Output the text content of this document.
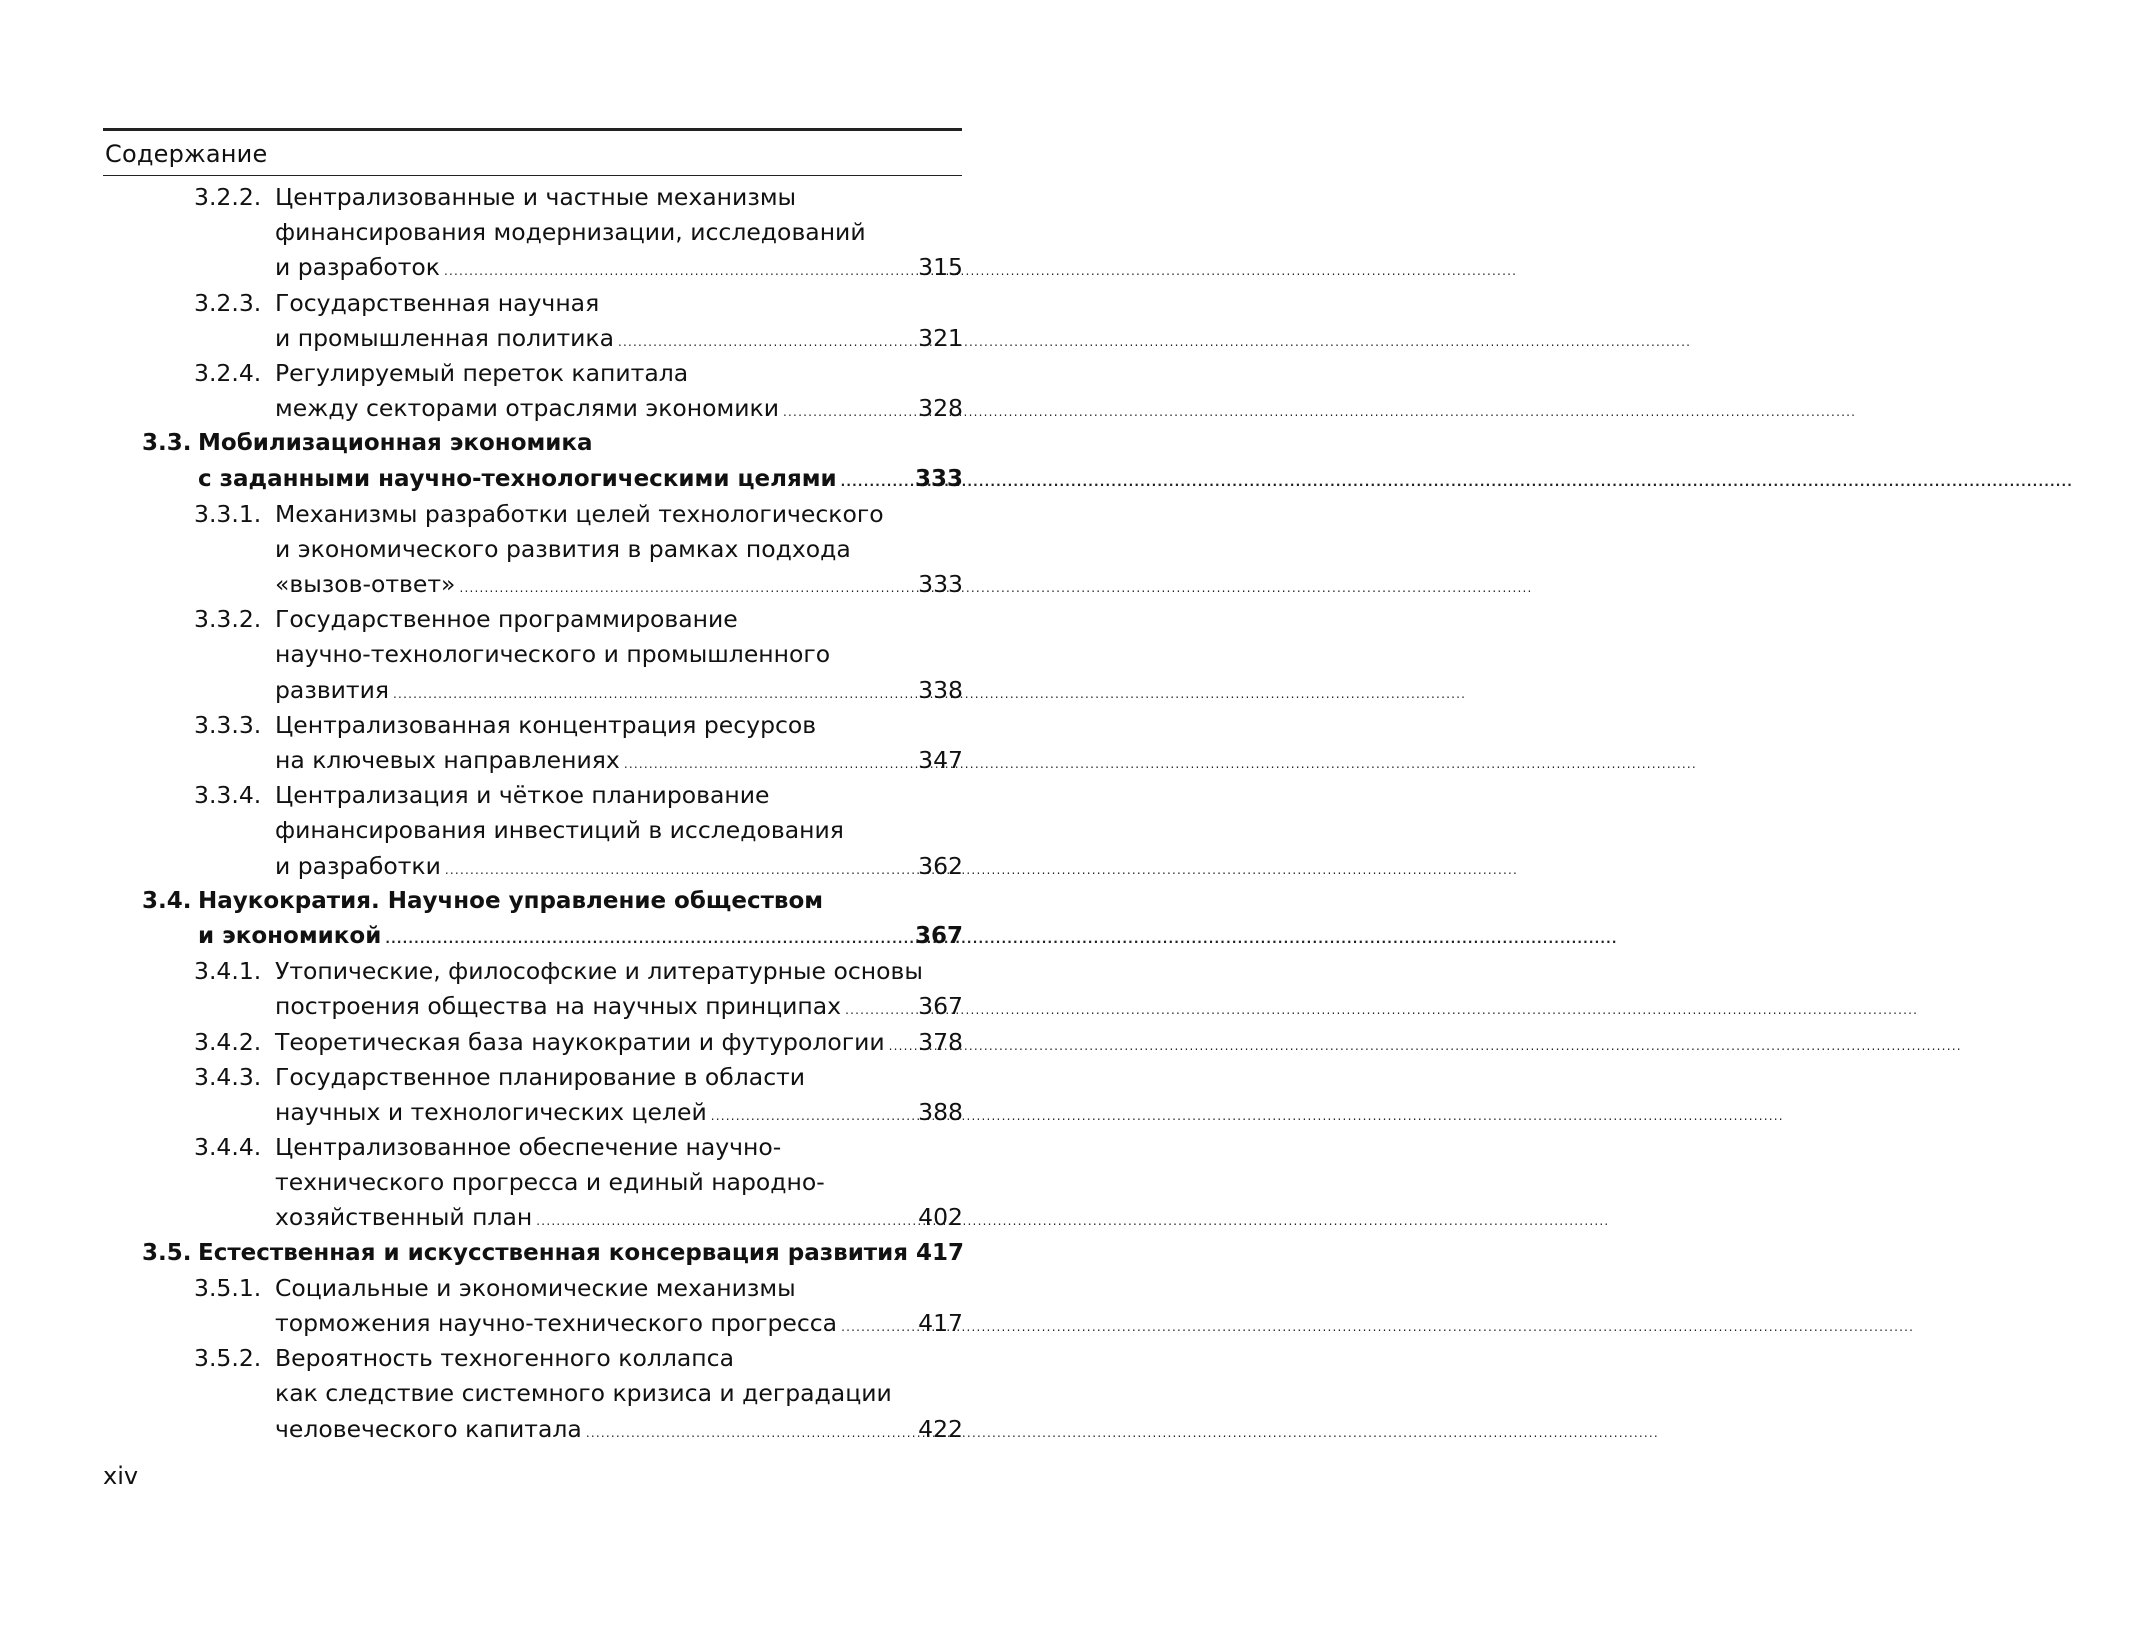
Содержание
3.2.2. Централизованные и частные механизмы
финансирования модернизации, исследований
и разработок .....	315
3.2.3. Государственная научная
и промышленная политика .....	321
3.2.4. Регулируемый переток капитала
между секторами отраслями экономики .....	328
3.3. Мобилизационная экономика
с заданными научно-технологическими целями .....	333
3.3.1. Механизмы разработки целей технологического
и экономического развития в рамках подхода
«вызов-ответ» .....	333
3.3.2. Государственное программирование
научно-технологического и промышленного
развития .....	338
3.3.3. Централизованная концентрация ресурсов
на ключевых направлениях .....	347
3.3.4. Централизация и чёткое планирование
финансирования инвестиций в исследования
и разработки .....	362
3.4. Наукократия. Научное управление обществом
и экономикой .....	367
3.4.1. Утопические, философские и литературные основы
построения общества на научных принципах .....	367
3.4.2. Теоретическая база наукократии и футурологии ..... 378
3.4.3. Государственное планирование в области
научных и технологических целей .....	388
3.4.4. Централизованное обеспечение научно-
технического прогресса и единый народно-
хозяйственный план .....	402
3.5. Естественная и искусственная консервация развития 417
3.5.1. Социальные и экономические механизмы
торможения научно-технического прогресса .....	417
3.5.2. Вероятность техногенного коллапса
как следствие системного кризиса и деградации
человеческого капитала .....	422
xiv
